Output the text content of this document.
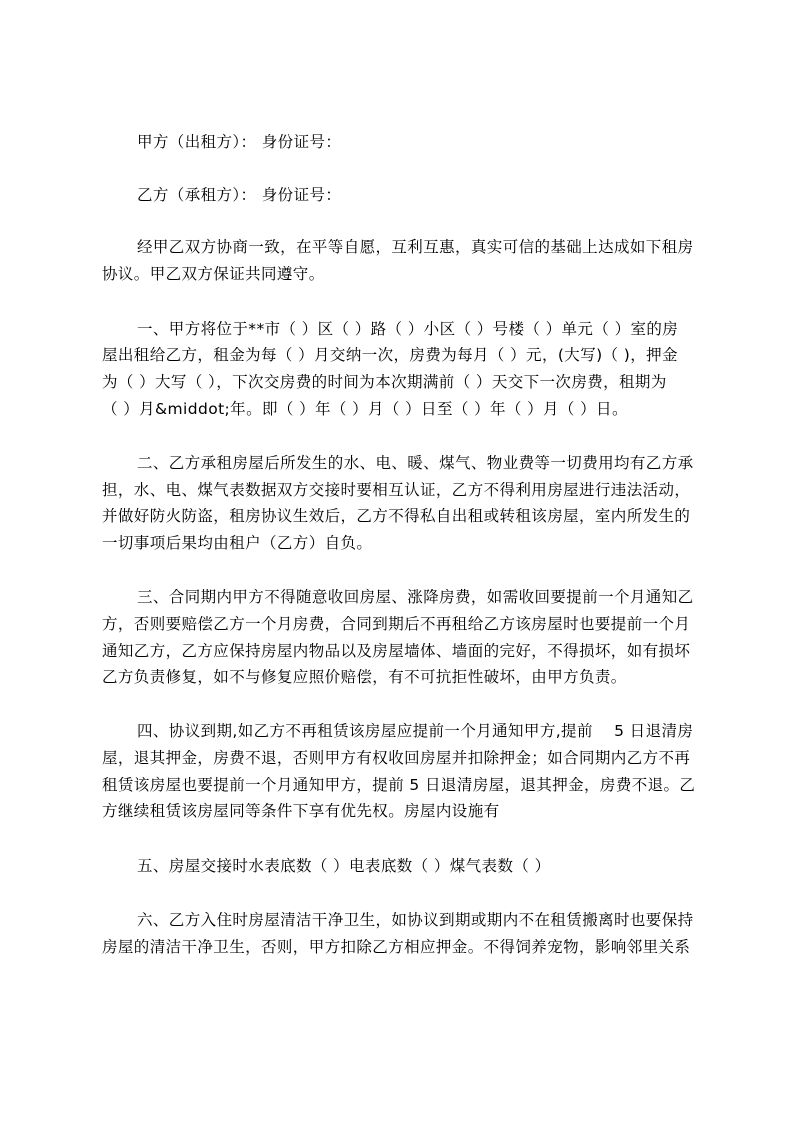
甲方（出租方）： 身份证号：
乙方（承租方）： 身份证号：
经甲乙双方协商一致，在平等自愿，互利互惠，真实可信的基础上达成如下租房
协议。甲乙双方保证共同遵守。
一、甲方将位于**市（ ）区（ ）路（ ）小区（ ）号楼（ ）单元（ ）室的房
屋出租给乙方，租金为每（ ）月交纳一次，房费为每月（ ）元，(大写)（ )，押金
为（ ）大写（ ），下次交房费的时间为本次期满前（ ）天交下一次房费，租期为
（ ）月&middot;年。即（ ）年（ ）月（ ）日至（ ）年（ ）月（ ）日。
二、乙方承租房屋后所发生的水、电、暖、煤气、物业费等一切费用均有乙方承
担，水、电、煤气表数据双方交接时要相互认证，乙方不得利用房屋进行违法活动，
并做好防火防盗，租房协议生效后，乙方不得私自出租或转租该房屋，室内所发生的
一切事项后果均由租户（乙方）自负。
三、合同期内甲方不得随意收回房屋、涨降房费，如需收回要提前一个月通知乙
方，否则要赔偿乙方一个月房费，合同到期后不再租给乙方该房屋时也要提前一个月
通知乙方，乙方应保持房屋内物品以及房屋墙体、墙面的完好，不得损坏，如有损坏
乙方负责修复，如不与修复应照价赔偿，有不可抗拒性破坏，由甲方负责。
四、协议到期,如乙方不再租赁该房屋应提前一个月通知甲方,提前　 5 日退清房
屋，退其押金，房费不退，否则甲方有权收回房屋并扣除押金；如合同期内乙方不再
租赁该房屋也要提前一个月通知甲方，提前 5 日退清房屋，退其押金，房费不退。乙
方继续租赁该房屋同等条件下享有优先权。房屋内设施有
五、房屋交接时水表底数（ ）电表底数（ ）煤气表数（ ）
六、乙方入住时房屋清洁干净卫生，如协议到期或期内不在租赁搬离时也要保持
房屋的清洁干净卫生，否则，甲方扣除乙方相应押金。不得饲养宠物，影响邻里关系
